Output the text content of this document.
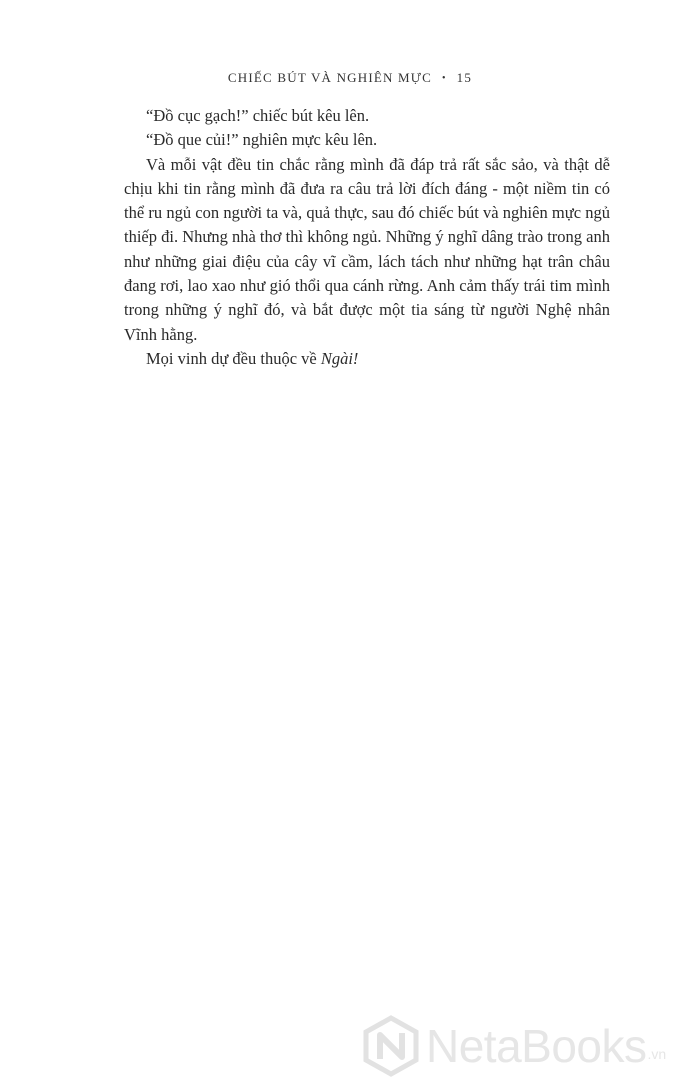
CHIẾC BÚT VÀ NGHIÊN MỰC • 15

“Đồ cục gạch!” chiếc bút kêu lên.

“Đồ que củi!” nghiên mực kêu lên.

Và mỗi vật đều tin chắc rằng mình đã đáp trả rất sắc sảo, và thật dễ chịu khi tin rằng mình đã đưa ra câu trả lời đích đáng - một niềm tin có thể ru ngủ con người ta và, quả thực, sau đó chiếc bút và nghiên mực ngủ thiếp đi. Nhưng nhà thơ thì không ngủ. Những ý nghĩ dâng trào trong anh như những giai điệu của cây vĩ cầm, lách tách như những hạt trân châu đang rơi, lao xao như gió thổi qua cánh rừng. Anh cảm thấy trái tim mình trong những ý nghĩ đó, và bắt được một tia sáng từ người Nghệ nhân Vĩnh hằng.

Mọi vinh dự đều thuộc về Ngài!

NetaBooks .vn
